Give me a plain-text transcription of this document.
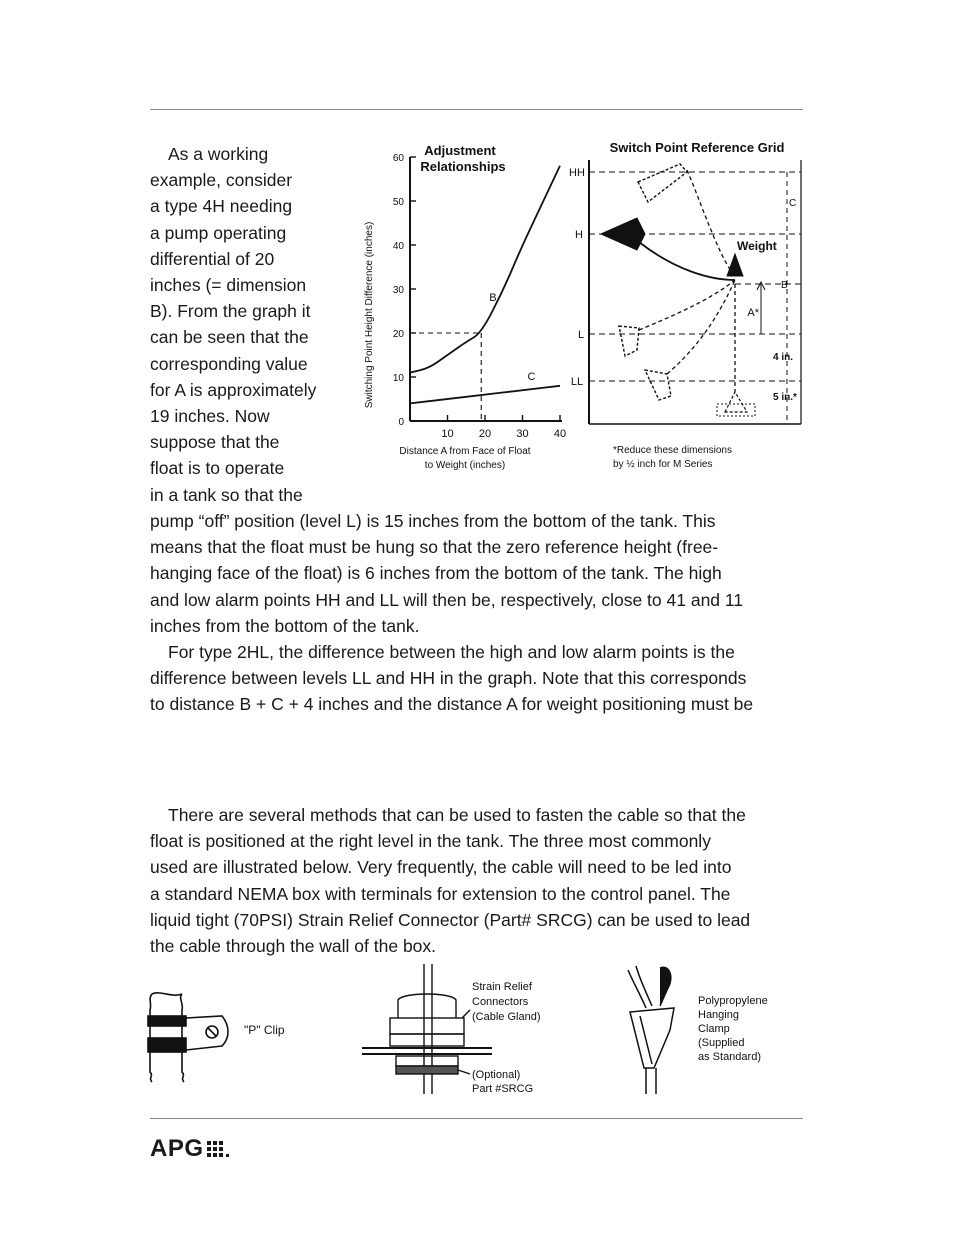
As a working
example, consider
a type 4H needing
a pump operating
differential of 20
inches (= dimension
B). From the graph it
can be seen that the
corresponding value
for A is approximately
19 inches. Now
suppose that the
float is to operate
in a tank so that the
Adjustment
Relationships
Switching Point Height Difference (inches)
Distance A from Face of Float
to Weight (inches)
0
10
20
30
40
50
60
10 20 30 40
B
C
Switch Point Reference Grid
HH
H
L
LL
Weight
A*
C
B
4 in.
5 in.*
*Reduce these dimensions
by ½ inch for M Series
pump “off” position (level L) is 15 inches from the bottom of the tank. This
means that the float must be hung so that the zero reference height (free-
hanging face of the float) is 6 inches from the bottom of the tank. The high
and low alarm points HH and LL will then be, respectively, close to 41 and 11
inches from the bottom of the tank.
For type 2HL, the difference between the high and low alarm points is the
difference between levels LL and HH in the graph. Note that this corresponds
to distance B + C + 4 inches and the distance A for weight positioning must be
There are several methods that can be used to fasten the cable so that the
float is positioned at the right level in the tank. The three most commonly
used are illustrated below. Very frequently, the cable will need to be led into
a standard NEMA box with terminals for extension to the control panel. The
liquid tight (70PSI) Strain Relief Connector (Part# SRCG) can be used to lead
the cable through the wall of the box.
"P" Clip
Strain Relief
Connectors
(Cable Gland)
(Optional)
Part #SRCG
Polypropylene
Hanging
Clamp
(Supplied
as Standard)
APG
